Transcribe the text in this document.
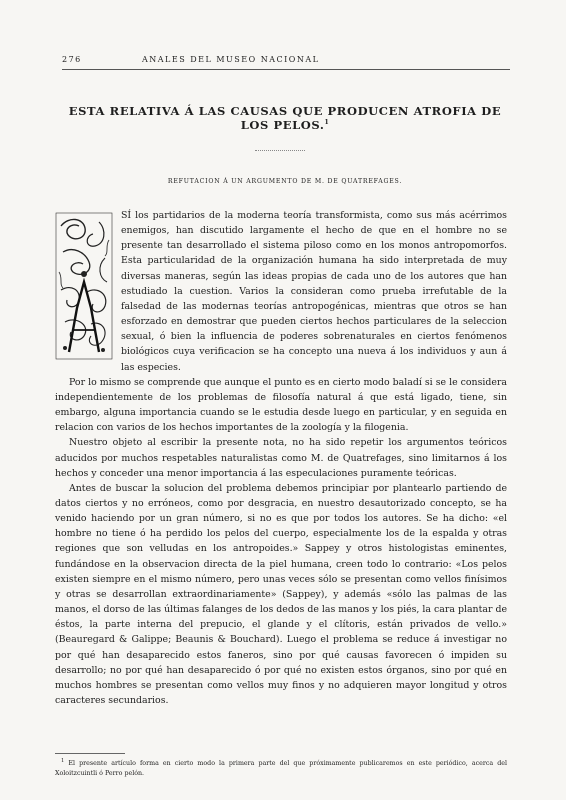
276	ANALES DEL MUSEO NACIONAL
ESTA RELATIVA Á LAS CAUSAS QUE PRODUCEN ATROFIA DE LOS PELOS.$^1$
REFUTACION Á UN ARGUMENTO DE M. DE QUATREFAGES.

SÍ los partidarios de la moderna teoría transformista, como sus más acérrimos enemigos, han discutido largamente el hecho de que en el hombre no se presente tan desarrollado el sistema piloso como en los monos antropomorfos. Esta particularidad de la organización humana ha sido interpretada de muy diversas maneras, según las ideas propias de cada uno de los autores que han estudiado la cuestion. Varios la consideran como prueba irrefutable de la falsedad de las modernas teorías antropogénicas, mientras que otros se han esforzado en demostrar que pueden ciertos hechos particulares de la seleccion sexual, ó bien la influencia de poderes sobrenaturales en ciertos fenómenos biológicos cuya verificacion se ha concepto una nueva á los individuos y aun á las especies.

Por lo mismo se comprende que aunque el punto es en cierto modo baladí si se le considera independientemente de los problemas de filosofía natural á que está ligado, tiene, sin embargo, alguna importancia cuando se le estudia desde luego en particular, y en seguida en relacion con varios de los hechos importantes de la zoología y la filogenia.

Nuestro objeto al escribir la presente nota, no ha sido repetir los argumentos teóricos aducidos por muchos respetables naturalistas como M. de Quatrefages, sino limitarnos á los hechos y conceder una menor importancia á las especulaciones puramente teóricas.

Antes de buscar la solucion del problema debemos principiar por plantearlo partiendo de datos ciertos y no erróneos, como por desgracia, en nuestro desautorizado concepto, se ha venido haciendo por un gran número, si no es que por todos los autores. Se ha dicho: «el hombre no tiene ó ha perdido los pelos del cuerpo, especialmente los de la espalda y otras regiones que son velludas en los antropoides.» Sappey y otros histologistas eminentes, fundándose en la observacion directa de la piel humana, creen todo lo contrario: «Los pelos existen siempre en el mismo número, pero unas veces sólo se presentan como vellos finísimos y otras se desarrollan extraordinariamente» (Sappey), y además «sólo las palmas de las manos, el dorso de las últimas falanges de los dedos de las manos y los piés, la cara plantar de éstos, la parte interna del prepucio, el glande y el clítoris, están privados de vello.» (Beauregard & Galippe; Beaunis & Bouchard). Luego el problema se reduce á investigar no por qué han desaparecido estos faneros, sino por qué causas favorecen ó impiden su desarrollo; no por qué han desaparecido ó por qué no existen estos órganos, sino por qué en muchos hombres se presentan como vellos muy finos y no adquieren mayor longitud y otros caracteres secundarios.

$^1$ El presente artículo forma en cierto modo la primera parte del que próximamente publicaremos en este periódico, acerca del Xoloitzcuintli ó Perro pelón.
